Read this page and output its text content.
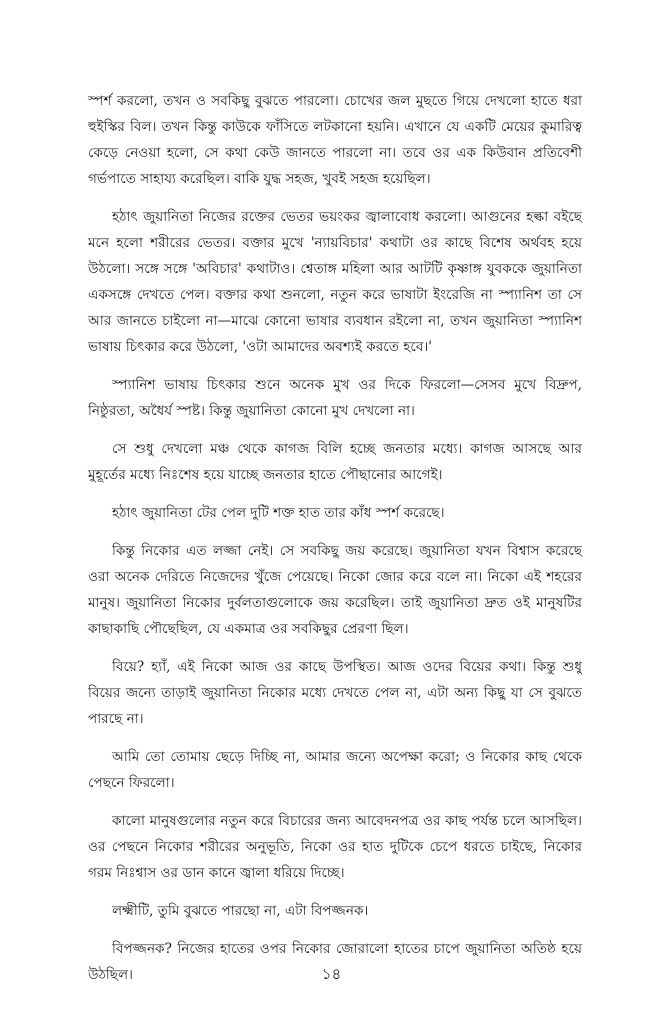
স্পর্শ করলো, তখন ও সবকিছু বুঝতে পারলো। চোখের জল মুছতে গিয়ে দেখলো হাতে ধরা হুইস্কির বিল। তখন কিন্তু কাউকে ফাঁসিতে লটকানো হয়নি। এখানে যে একটি মেয়ের কুমারিত্ব কেড়ে নেওয়া হলো, সে কথা কেউ জানতে পারলো না। তবে ওর এক কিউবান প্রতিবেশী গর্ভপাতে সাহায্য করেছিল। বাকি যুদ্ধ সহজ, খুবই সহজ হয়েছিল।

হঠাৎ জুয়ানিতা নিজের রক্তের ভেতর ভয়ংকর জ্বালাবোধ করলো। আগুনের হল্কা বইছে মনে হলো শরীরের ভেতর। বক্তার মুখে 'ন্যায়বিচার' কথাটা ওর কাছে বিশেষ অর্থবহ হয়ে উঠলো। সঙ্গে সঙ্গে 'অবিচার' কথাটাও। শ্বেতাঙ্গ মহিলা আর আটটি কৃষ্ণাঙ্গ যুবককে জুয়ানিতা একসঙ্গে দেখতে পেল। বক্তার কথা শুনলো, নতুন করে ভাষাটা ইংরেজি না স্প্যানিশ তা সে আর জানতে চাইলো না—মাঝে কোনো ভাষার ব্যবধান রইলো না, তখন জুয়ানিতা স্প্যানিশ ভাষায় চিৎকার করে উঠলো, 'ওটা আমাদের অবশ্যই করতে হবে।'

স্প্যানিশ ভাষায় চিৎকার শুনে অনেক মুখ ওর দিকে ফিরলো—সেসব মুখে বিদ্রুপ, নিষ্ঠুরতা, অধৈর্য স্পষ্ট। কিন্তু জুয়ানিতা কোনো মুখ দেখলো না।

সে শুধু দেখলো মঞ্চ থেকে কাগজ বিলি হচ্ছে জনতার মধ্যে। কাগজ আসছে আর মুহূর্তের মধ্যে নিঃশেষ হয়ে যাচ্ছে জনতার হাতে পৌছানোর আগেই।

হঠাৎ জুয়ানিতা টের পেল দুটি শক্ত হাত তার কাঁধ স্পর্শ করেছে।

কিন্তু নিকোর এত লজ্জা নেই। সে সবকিছু জয় করেছে। জুয়ানিতা যখন বিশ্বাস করেছে ওরা অনেক দেরিতে নিজেদের খুঁজে পেয়েছে। নিকো জোর করে বলে না। নিকো এই শহরের মানুষ। জুয়ানিতা নিকোর দুর্বলতাগুলোকে জয় করেছিল। তাই জুয়ানিতা দ্রুত ওই মানুষটির কাছাকাছি পৌছেছিল, যে একমাত্র ওর সবকিছুর প্রেরণা ছিল।

বিয়ে? হ্যাঁ, এই নিকো আজ ওর কাছে উপস্থিত। আজ ওদের বিয়ের কথা। কিন্তু শুধু বিয়ের জন্যে তাড়াই জুয়ানিতা নিকোর মধ্যে দেখতে পেল না, এটা অন্য কিছু যা সে বুঝতে পারছে না।

আমি তো তোমায় ছেড়ে দিচ্ছি না, আমার জন্যে অপেক্ষা করো; ও নিকোর কাছ থেকে পেছনে ফিরলো।

কালো মানুষগুলোর নতুন করে বিচারের জন্য আবেদনপত্র ওর কাছ পর্যন্ত চলে আসছিল। ওর পেছনে নিকোর শরীরের অনুভূতি, নিকো ওর হাত দুটিকে চেপে ধরতে চাইছে, নিকোর গরম নিঃশ্বাস ওর ডান কানে জ্বালা ধরিয়ে দিচ্ছে।

লক্ষ্মীটি, তুমি বুঝতে পারছো না, এটা বিপজ্জনক।

বিপজ্জনক? নিজের হাতের ওপর নিকোর জোরালো হাতের চাপে জুয়ানিতা অতিষ্ঠ হয়ে উঠছিল।	১৪
